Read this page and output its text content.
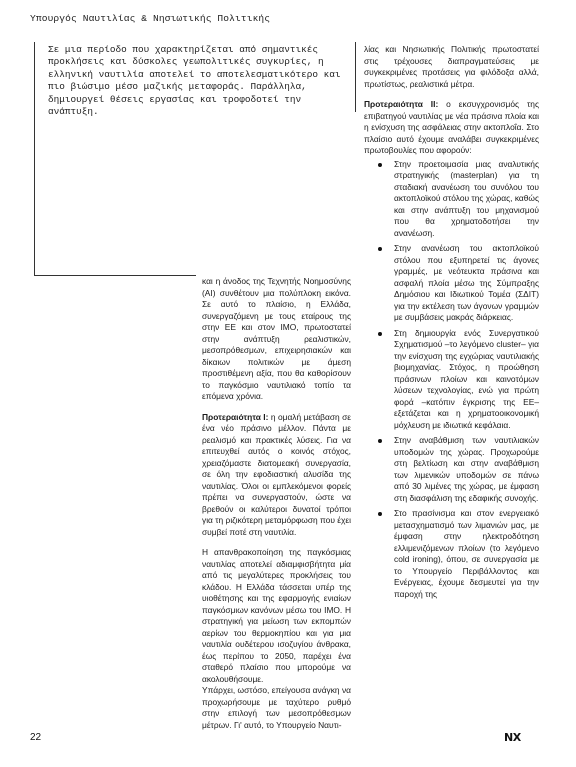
Υπουργός Ναυτιλίας & Νησιωτικής Πολιτικής
Σε μια περίοδο που χαρακτηρίζεται από σημαντικές προκλήσεις και δύσκολες γεωπολιτικές συγκυρίες, η ελληνική ναυτιλία αποτελεί το αποτελεσματικότερο και πιο βιώσιμο μέσο μαζικής μεταφοράς. Παράλληλα, δημιουργεί θέσεις εργασίας και τροφοδοτεί την ανάπτυξη.

και η άνοδος της Τεχνητής Νοημοσύνης (AI) συνθέτουν μια πολύπλοκη εικόνα. Σε αυτό το πλαίσιο, η Ελλάδα, συνεργαζόμενη με τους εταίρους της στην ΕΕ και στον ΙΜΟ, πρωτοστατεί στην ανάπτυξη ρεαλιστικών, μεσοπρόθεσμων, επιχειρησιακών και δίκαιων πολιτικών με άμεση προστιθέμενη αξία, που θα καθορίσουν το παγκόσμιο ναυτιλιακό τοπίο τα επόμενα χρόνια.

Προτεραιότητα Ι: η ομαλή μετάβαση σε ένα νέο πράσινο μέλλον. Πάντα με ρεαλισμό και πρακτικές λύσεις. Για να επιτευχθεί αυτός ο κοινός στόχος, χρειαζόμαστε διατομεακή συνεργασία, σε όλη την εφοδιαστική αλυσίδα της ναυτιλίας. Όλοι οι εμπλεκόμενοι φορείς πρέπει να συνεργαστούν, ώστε να βρεθούν οι καλύτεροι δυνατοί τρόποι για τη ριζικότερη μεταμόρφωση που έχει συμβεί ποτέ στη ναυτιλία.

Η απανθρακοποίηση της παγκόσμιας ναυτιλίας αποτελεί αδιαμφισβήτητα μία από τις μεγαλύτερες προκλήσεις του κλάδου. Η Ελλάδα τάσσεται υπέρ της υιοθέτησης και της εφαρμογής ενιαίων παγκόσμιων κανόνων μέσω του ΙΜΟ. Η στρατηγική για μείωση των εκπομπών αερίων του θερμοκηπίου και για μια ναυτιλία ουδέτερου ισοζυγίου άνθρακα, έως περίπου το 2050, παρέχει ένα σταθερό πλαίσιο που μπορούμε να ακολουθήσουμε.

Υπάρχει, ωστόσο, επείγουσα ανάγκη να προχωρήσουμε με ταχύτερο ρυθμό στην επιλογή των μεσοπρόθεσμων μέτρων. Γι' αυτό, το Υπουργείο Ναυτι-

λίας και Νησιωτικής Πολιτικής πρωτοστατεί στις τρέχουσες διαπραγματεύσεις με συγκεκριμένες προτάσεις για φιλόδοξα αλλά, πρωτίστως, ρεαλιστικά μέτρα.

Προτεραιότητα ΙΙ: ο εκσυγχρονισμός της επιβατηγού ναυτιλίας με νέα πράσινα πλοία και η ενίσχυση της ασφάλειας στην ακτοπλοΐα. Στο πλαίσιο αυτό έχουμε αναλάβει συγκεκριμένες πρωτοβουλίες που αφορούν:

Στην προετοιμασία μιας αναλυτικής στρατηγικής (masterplan) για τη σταδιακή ανανέωση του συνόλου του ακτοπλοϊκού στόλου της χώρας, καθώς και στην ανάπτυξη του μηχανισμού που θα χρηματοδοτήσει την ανανέωση.
Στην ανανέωση του ακτοπλοϊκού στόλου που εξυπηρετεί τις άγονες γραμμές, με νεότευκτα πράσινα και ασφαλή πλοία μέσω της Σύμπραξης Δημόσιου και Ιδιωτικού Τομέα (ΣΔΙΤ) για την εκτέλεση των άγονων γραμμών με συμβάσεις μακράς διάρκειας.
Στη δημιουργία ενός Συνεργατικού Σχηματισμού –το λεγόμενο cluster– για την ενίσχυση της εγχώριας ναυτιλιακής βιομηχανίας. Στόχος, η προώθηση πράσινων πλοίων και καινοτόμων λύσεων τεχνολογίας, ενώ για πρώτη φορά –κατόπιν έγκρισης της ΕΕ– εξετάζεται και η χρηματοοικονομική μόχλευση με ιδιωτικά κεφάλαια.
Στην αναβάθμιση των ναυτιλιακών υποδομών της χώρας. Προχωρούμε στη βελτίωση και στην αναβάθμιση των λιμενικών υποδομών σε πάνω από 30 λιμένες της χώρας, με έμφαση στη διασφάλιση της εδαφικής συνοχής.
Στο πρασίνισμα και στον ενεργειακό μετασχηματισμό των λιμανιών μας, με έμφαση στην ηλεκτροδότηση ελλιμενιζόμενων πλοίων (το λεγόμενο cold ironing), όπου, σε συνεργασία με το Υπουργείο Περιβάλλοντος και Ενέργειας, έχουμε δεσμευτεί για την παροχή της
22	NX
